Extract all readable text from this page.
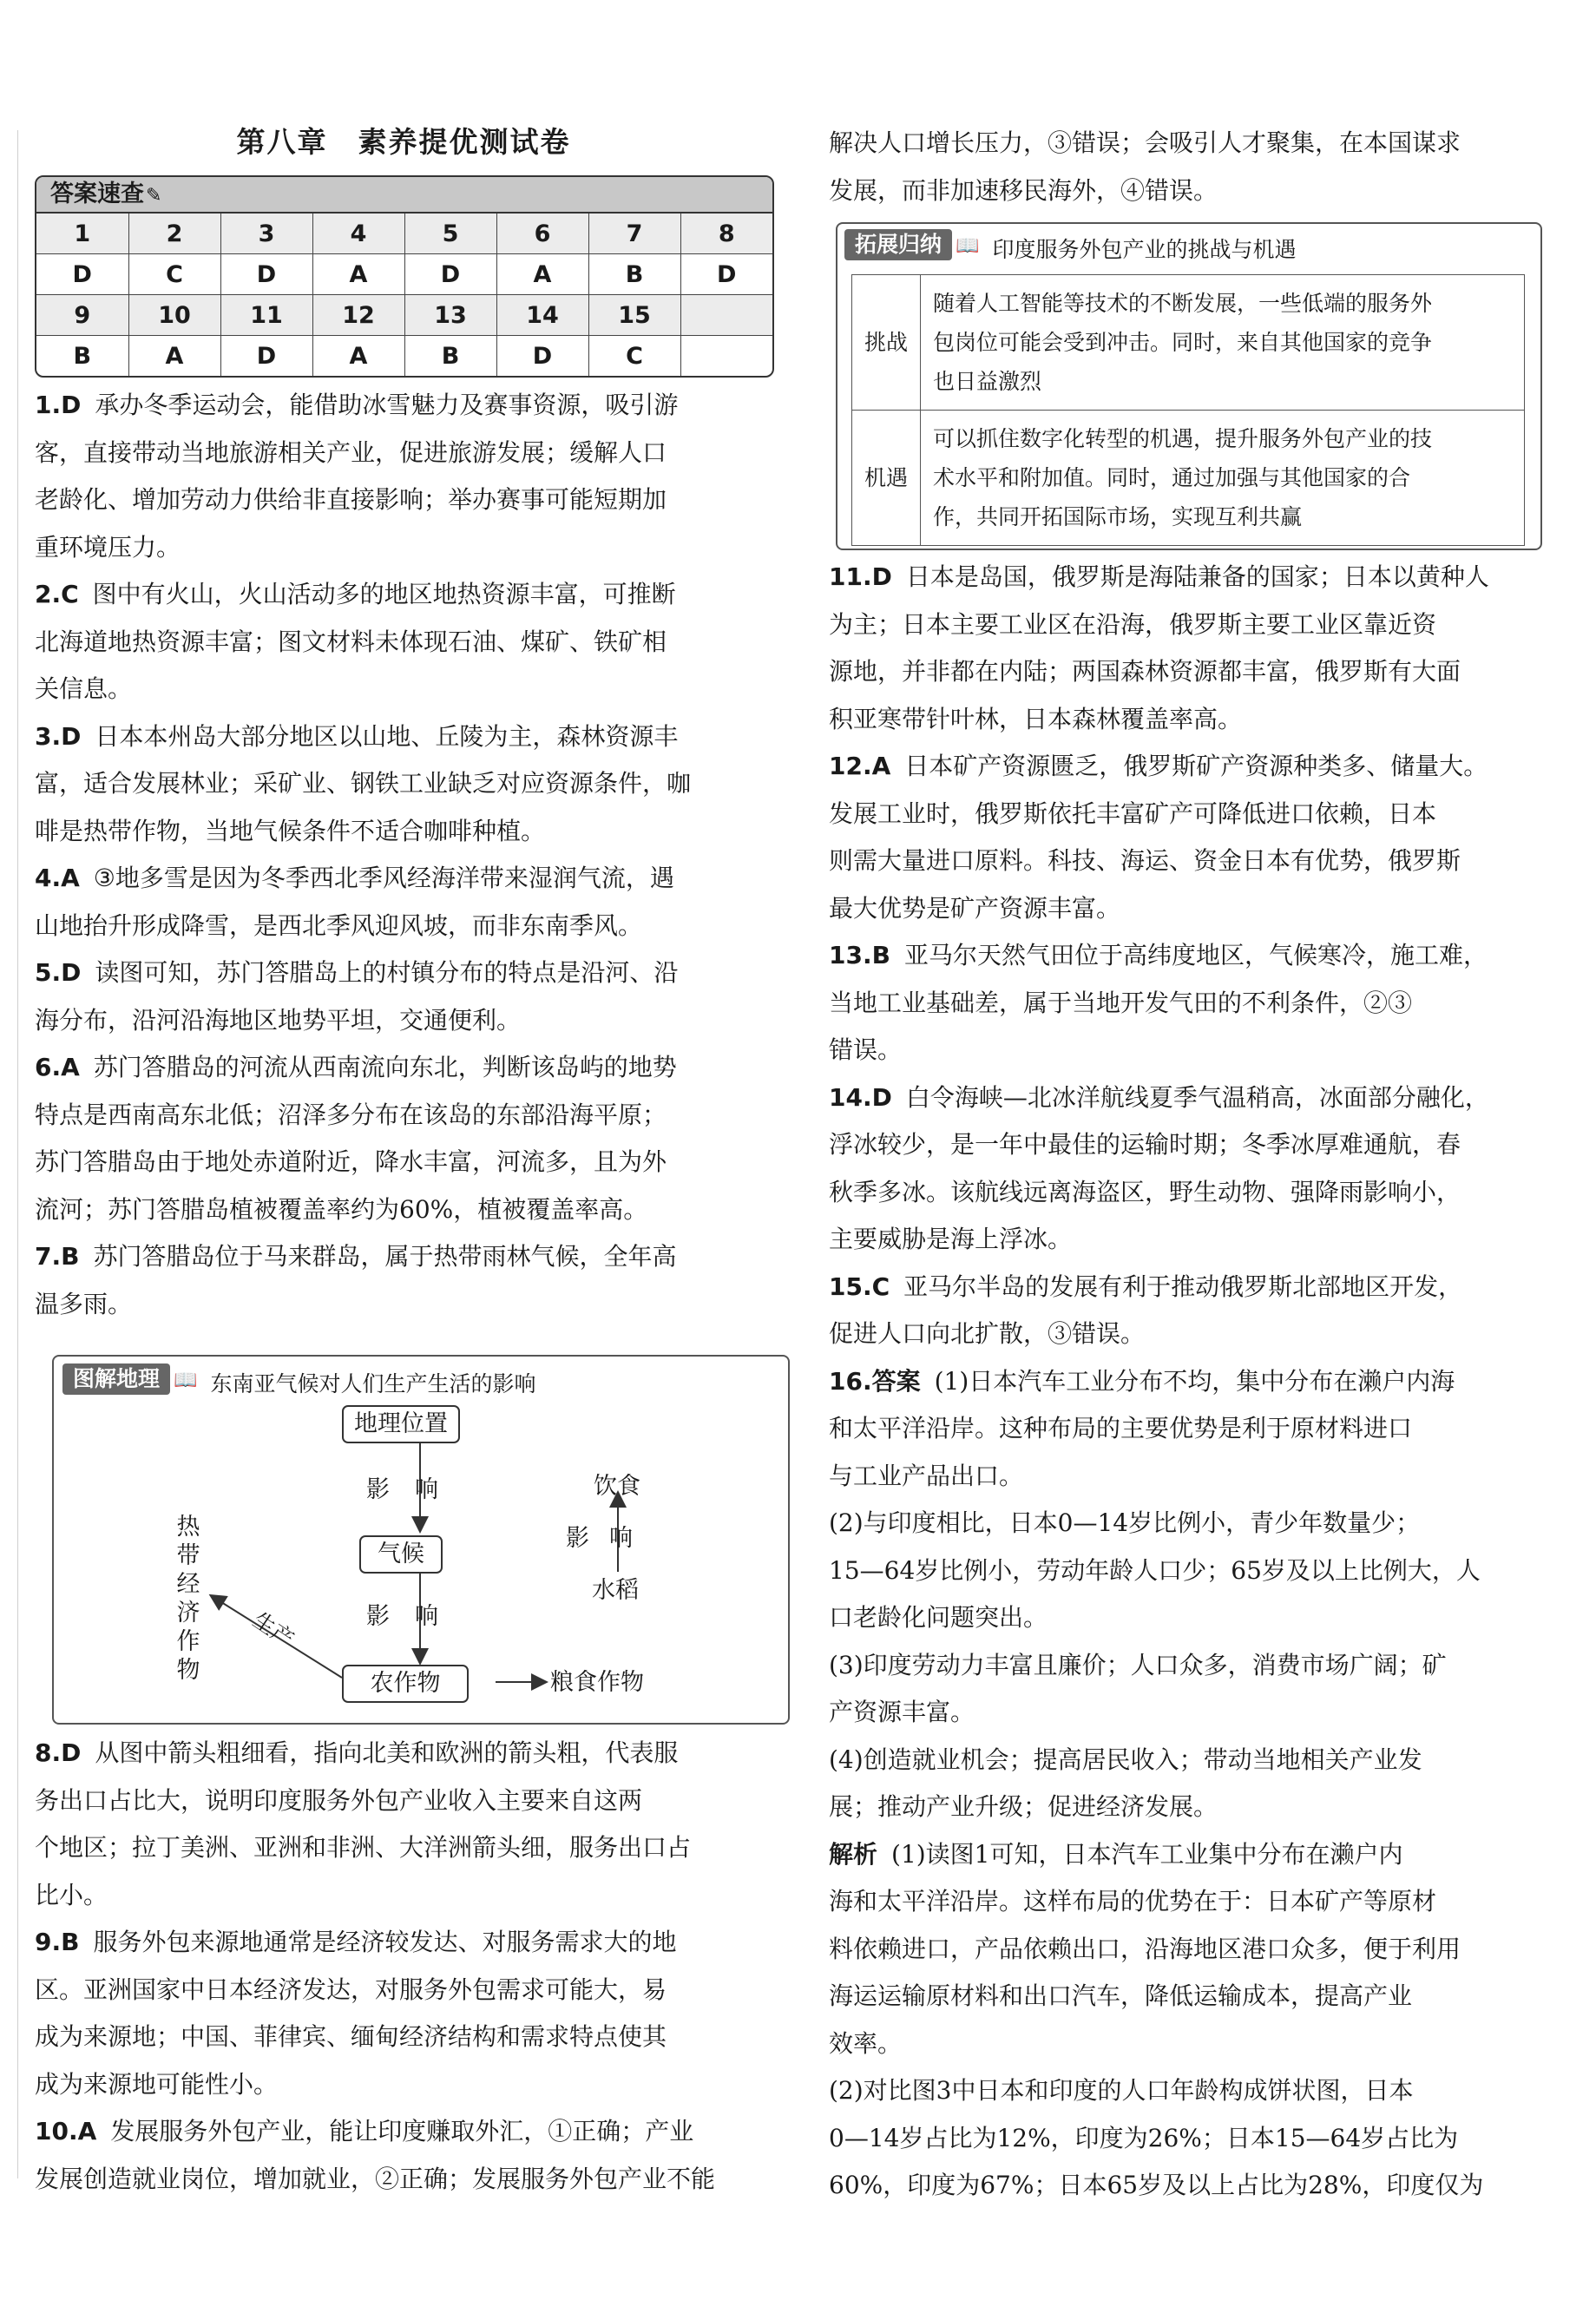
第八章　素养提优测试卷
答案速查✎
1	2	3	4	5	6	7	8
D	C	D	A	D	A	B	D
9	10	11	12	13	14	15	
B	A	D	A	B	D	C	

1.D 承办冬季运动会，能借助冰雪魅力及赛事资源，吸引游

客，直接带动当地旅游相关产业，促进旅游发展；缓解人口

老龄化、增加劳动力供给非直接影响；举办赛事可能短期加

重环境压力。

2.C 图中有火山，火山活动多的地区地热资源丰富，可推断

北海道地热资源丰富；图文材料未体现石油、煤矿、铁矿相

关信息。

3.D 日本本州岛大部分地区以山地、丘陵为主，森林资源丰

富，适合发展林业；采矿业、钢铁工业缺乏对应资源条件，咖

啡是热带作物，当地气候条件不适合咖啡种植。

4.A ③地多雪是因为冬季西北季风经海洋带来湿润气流，遇

山地抬升形成降雪，是西北季风迎风坡，而非东南季风。

5.D 读图可知，苏门答腊岛上的村镇分布的特点是沿河、沿

海分布，沿河沿海地区地势平坦，交通便利。

6.A 苏门答腊岛的河流从西南流向东北，判断该岛屿的地势

特点是西南高东北低；沼泽多分布在该岛的东部沿海平原；

苏门答腊岛由于地处赤道附近，降水丰富，河流多，且为外

流河；苏门答腊岛植被覆盖率约为60%，植被覆盖率高。

7.B 苏门答腊岛位于马来群岛，属于热带雨林气候，全年高

温多雨。

图解地理 📖 东南亚气候对人们生产生活的影响
地理位置
气候
农作物	粮食作物
水稻
饮食
影 响
影 响
影 响
生产
热
带
经
济
作
物

8.D 从图中箭头粗细看，指向北美和欧洲的箭头粗，代表服

务出口占比大，说明印度服务外包产业收入主要来自这两

个地区；拉丁美洲、亚洲和非洲、大洋洲箭头细，服务出口占

比小。

9.B 服务外包来源地通常是经济较发达、对服务需求大的地

区。亚洲国家中日本经济发达，对服务外包需求可能大，易

成为来源地；中国、菲律宾、缅甸经济结构和需求特点使其

成为来源地可能性小。

10.A 发展服务外包产业，能让印度赚取外汇，①正确；产业

发展创造就业岗位，增加就业，②正确；发展服务外包产业不能

解决人口增长压力，③错误；会吸引人才聚集，在本国谋求

发展，而非加速移民海外，④错误。

拓展归纳 📖 印度服务外包产业的挑战与机遇
挑战	随着人工智能等技术的不断发展，一些低端的服务外
包岗位可能会受到冲击。同时，来自其他国家的竞争
也日益激烈

机遇	可以抓住数字化转型的机遇，提升服务外包产业的技
术水平和附加值。同时，通过加强与其他国家的合
作，共同开拓国际市场，实现互利共赢

11.D 日本是岛国，俄罗斯是海陆兼备的国家；日本以黄种人

为主；日本主要工业区在沿海，俄罗斯主要工业区靠近资

源地，并非都在内陆；两国森林资源都丰富，俄罗斯有大面

积亚寒带针叶林，日本森林覆盖率高。

12.A 日本矿产资源匮乏，俄罗斯矿产资源种类多、储量大。

发展工业时，俄罗斯依托丰富矿产可降低进口依赖，日本

则需大量进口原料。科技、海运、资金日本有优势，俄罗斯

最大优势是矿产资源丰富。

13.B 亚马尔天然气田位于高纬度地区，气候寒冷，施工难，

当地工业基础差，属于当地开发气田的不利条件，②③

错误。

14.D 白令海峡—北冰洋航线夏季气温稍高，冰面部分融化，

浮冰较少，是一年中最佳的运输时期；冬季冰厚难通航，春

秋季多冰。该航线远离海盗区，野生动物、强降雨影响小，

主要威胁是海上浮冰。

15.C 亚马尔半岛的发展有利于推动俄罗斯北部地区开发，

促进人口向北扩散，③错误。

16.答案 (1)日本汽车工业分布不均，集中分布在濑户内海

和太平洋沿岸。这种布局的主要优势是利于原材料进口

与工业产品出口。

(2)与印度相比，日本0—14岁比例小，青少年数量少；

15—64岁比例小，劳动年龄人口少；65岁及以上比例大，人

口老龄化问题突出。

(3)印度劳动力丰富且廉价；人口众多，消费市场广阔；矿

产资源丰富。

(4)创造就业机会；提高居民收入；带动当地相关产业发

展；推动产业升级；促进经济发展。

解析 (1)读图1可知，日本汽车工业集中分布在濑户内

海和太平洋沿岸。这样布局的优势在于：日本矿产等原材

料依赖进口，产品依赖出口，沿海地区港口众多，便于利用

海运运输原材料和出口汽车，降低运输成本，提高产业

效率。

(2)对比图3中日本和印度的人口年龄构成饼状图，日本

0—14岁占比为12%，印度为26%；日本15—64岁占比为

60%，印度为67%；日本65岁及以上占比为28%，印度仅为
